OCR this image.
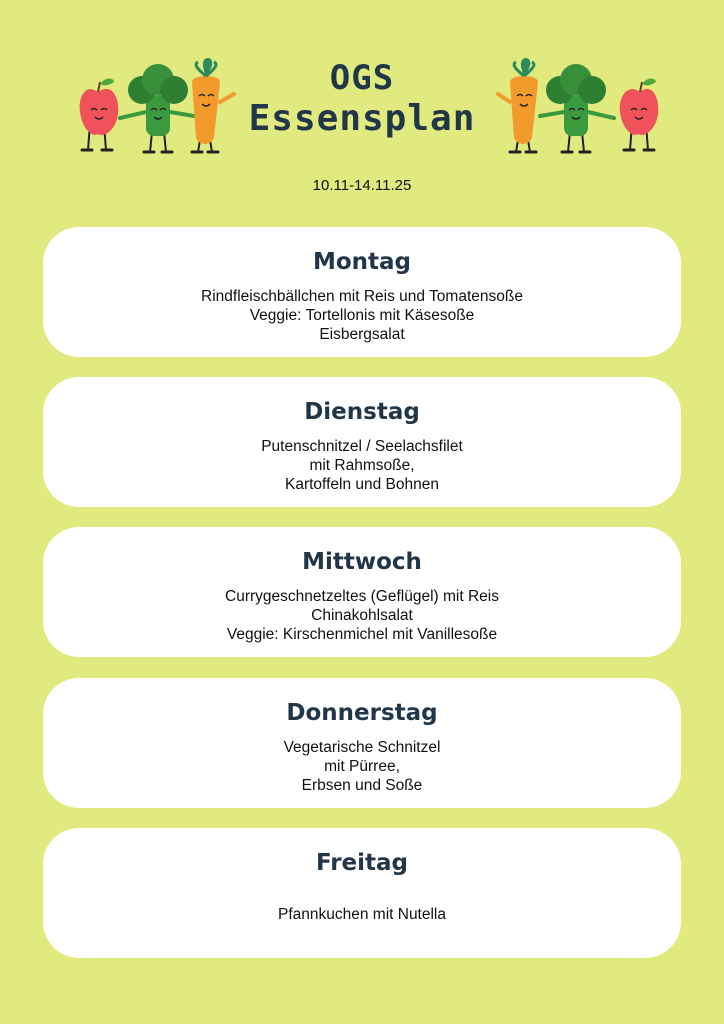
OGS
Essensplan
10.11-14.11.25
Montag
Rindfleischbällchen mit Reis und Tomatensoße
Veggie: Tortellonis mit Käsesoße
Eisbergsalat
Dienstag
Putenschnitzel / Seelachsfilet
mit Rahmsoße,
Kartoffeln und Bohnen
Mittwoch
Currygeschnetzeltes (Geflügel) mit Reis
Chinakohlsalat
Veggie: Kirschenmichel mit Vanillesoße
Donnerstag
Vegetarische Schnitzel
mit Pürree,
Erbsen und Soße
Freitag
Pfannkuchen mit Nutella
